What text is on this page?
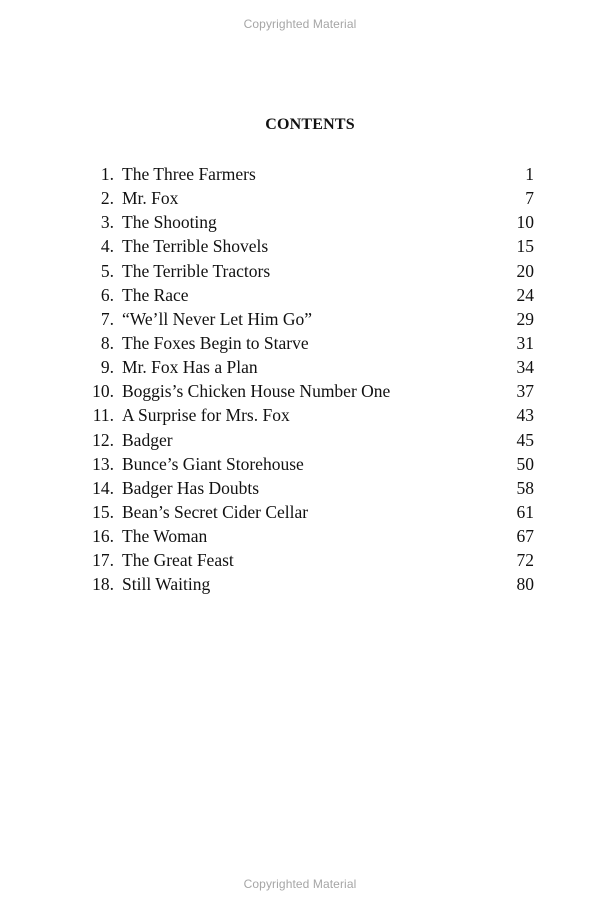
Copyrighted Material
CONTENTS
1. The Three Farmers	1
2. Mr. Fox	7
3. The Shooting	10
4. The Terrible Shovels	15
5. The Terrible Tractors	20
6. The Race	24
7. “We’ll Never Let Him Go”	29
8. The Foxes Begin to Starve	31
9. Mr. Fox Has a Plan	34
10. Boggis’s Chicken House Number One	37
11. A Surprise for Mrs. Fox	43
12. Badger	45
13. Bunce’s Giant Storehouse	50
14. Badger Has Doubts	58
15. Bean’s Secret Cider Cellar	61
16. The Woman	67
17. The Great Feast	72
18. Still Waiting	80
Copyrighted Material
